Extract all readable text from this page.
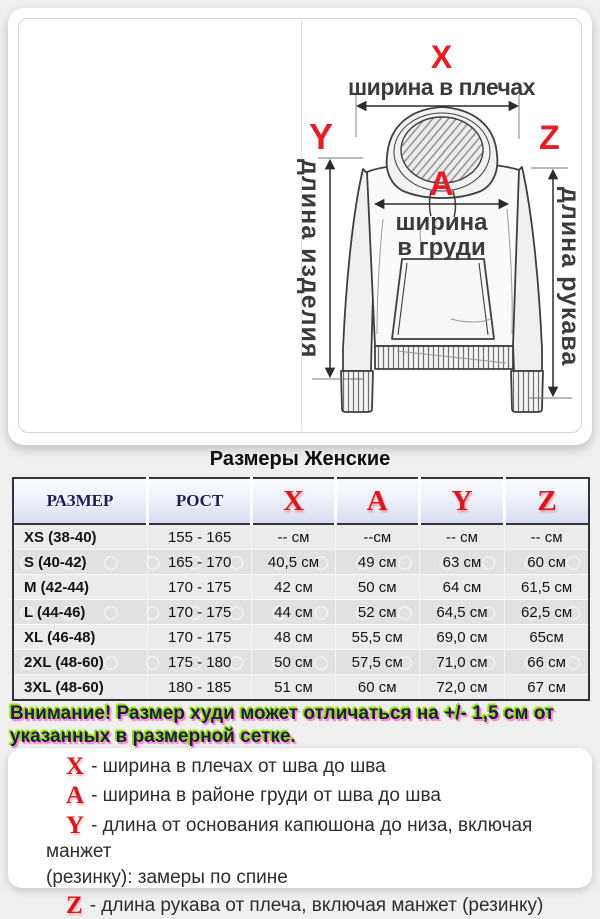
X
ширина в плечах
Y	Z
A
ширина
в груди
длина изделия	длина рукава
Размеры Женские
РАЗМЕР	РОСТ	X	A	Y	Z
XS (38-40)	155 - 165	-- см	--см	-- см	-- см
S (40-42)	165 - 170	40,5 см	49 см	63 см	60 см
M (42-44)	170 - 175	42 см	50 см	64 см	61,5 см
L (44-46)	170 - 175	44 см	52 см	64,5 см	62,5 см
XL (46-48)	170 - 175	48 см	55,5 см	69,0 см	65см
2XL (48-60)	175 - 180	50 см	57,5 см	71,0 см	66 см
3XL (48-60)	180 - 185	51 см	60 см	72,0 см	67 см
Внимание! Размер худи может отличаться на +/- 1,5 см от указанных в размерной сетке.
X - ширина в плечах от шва до шва
A - ширина в районе груди от шва до шва
Y - длина от основания капюшона до низа, включая манжет
(резинку): замеры по спине
Z - длина рукава от плеча, включая манжет (резинку)
